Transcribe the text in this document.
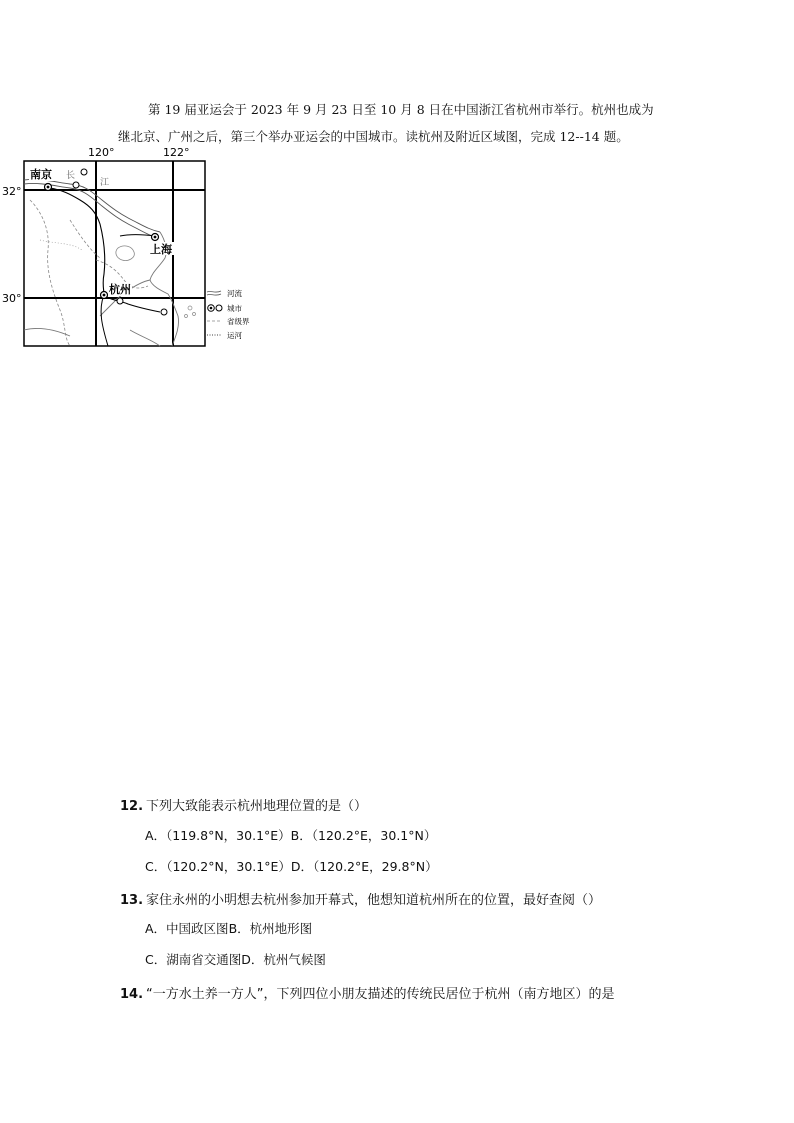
第 19 届亚运会于 2023 年 9 月 23 日至 10 月 8 日在中国浙江省杭州市举行。杭州也成为

继北京、广州之后，第三个举办亚运会的中国城市。读杭州及附近区域图，完成 12--14 题。

120°	122°
32°
30°
长
江
南京
上海
杭州	河流
城市
省级界
运河
12. 下列大致能表示杭州地理位置的是（）
A．（119.8°N，30.1°E）B．（120.2°E，30.1°N）
C．（120.2°N，30.1°E）D．（120.2°E，29.8°N）
13. 家住永州的小明想去杭州参加开幕式，他想知道杭州所在的位置，最好查阅（）
A．中国政区图B．杭州地形图
C．湖南省交通图D．杭州气候图
14. “一方水土养一方人”，下列四位小朋友描述的传统民居位于杭州（南方地区）的是
